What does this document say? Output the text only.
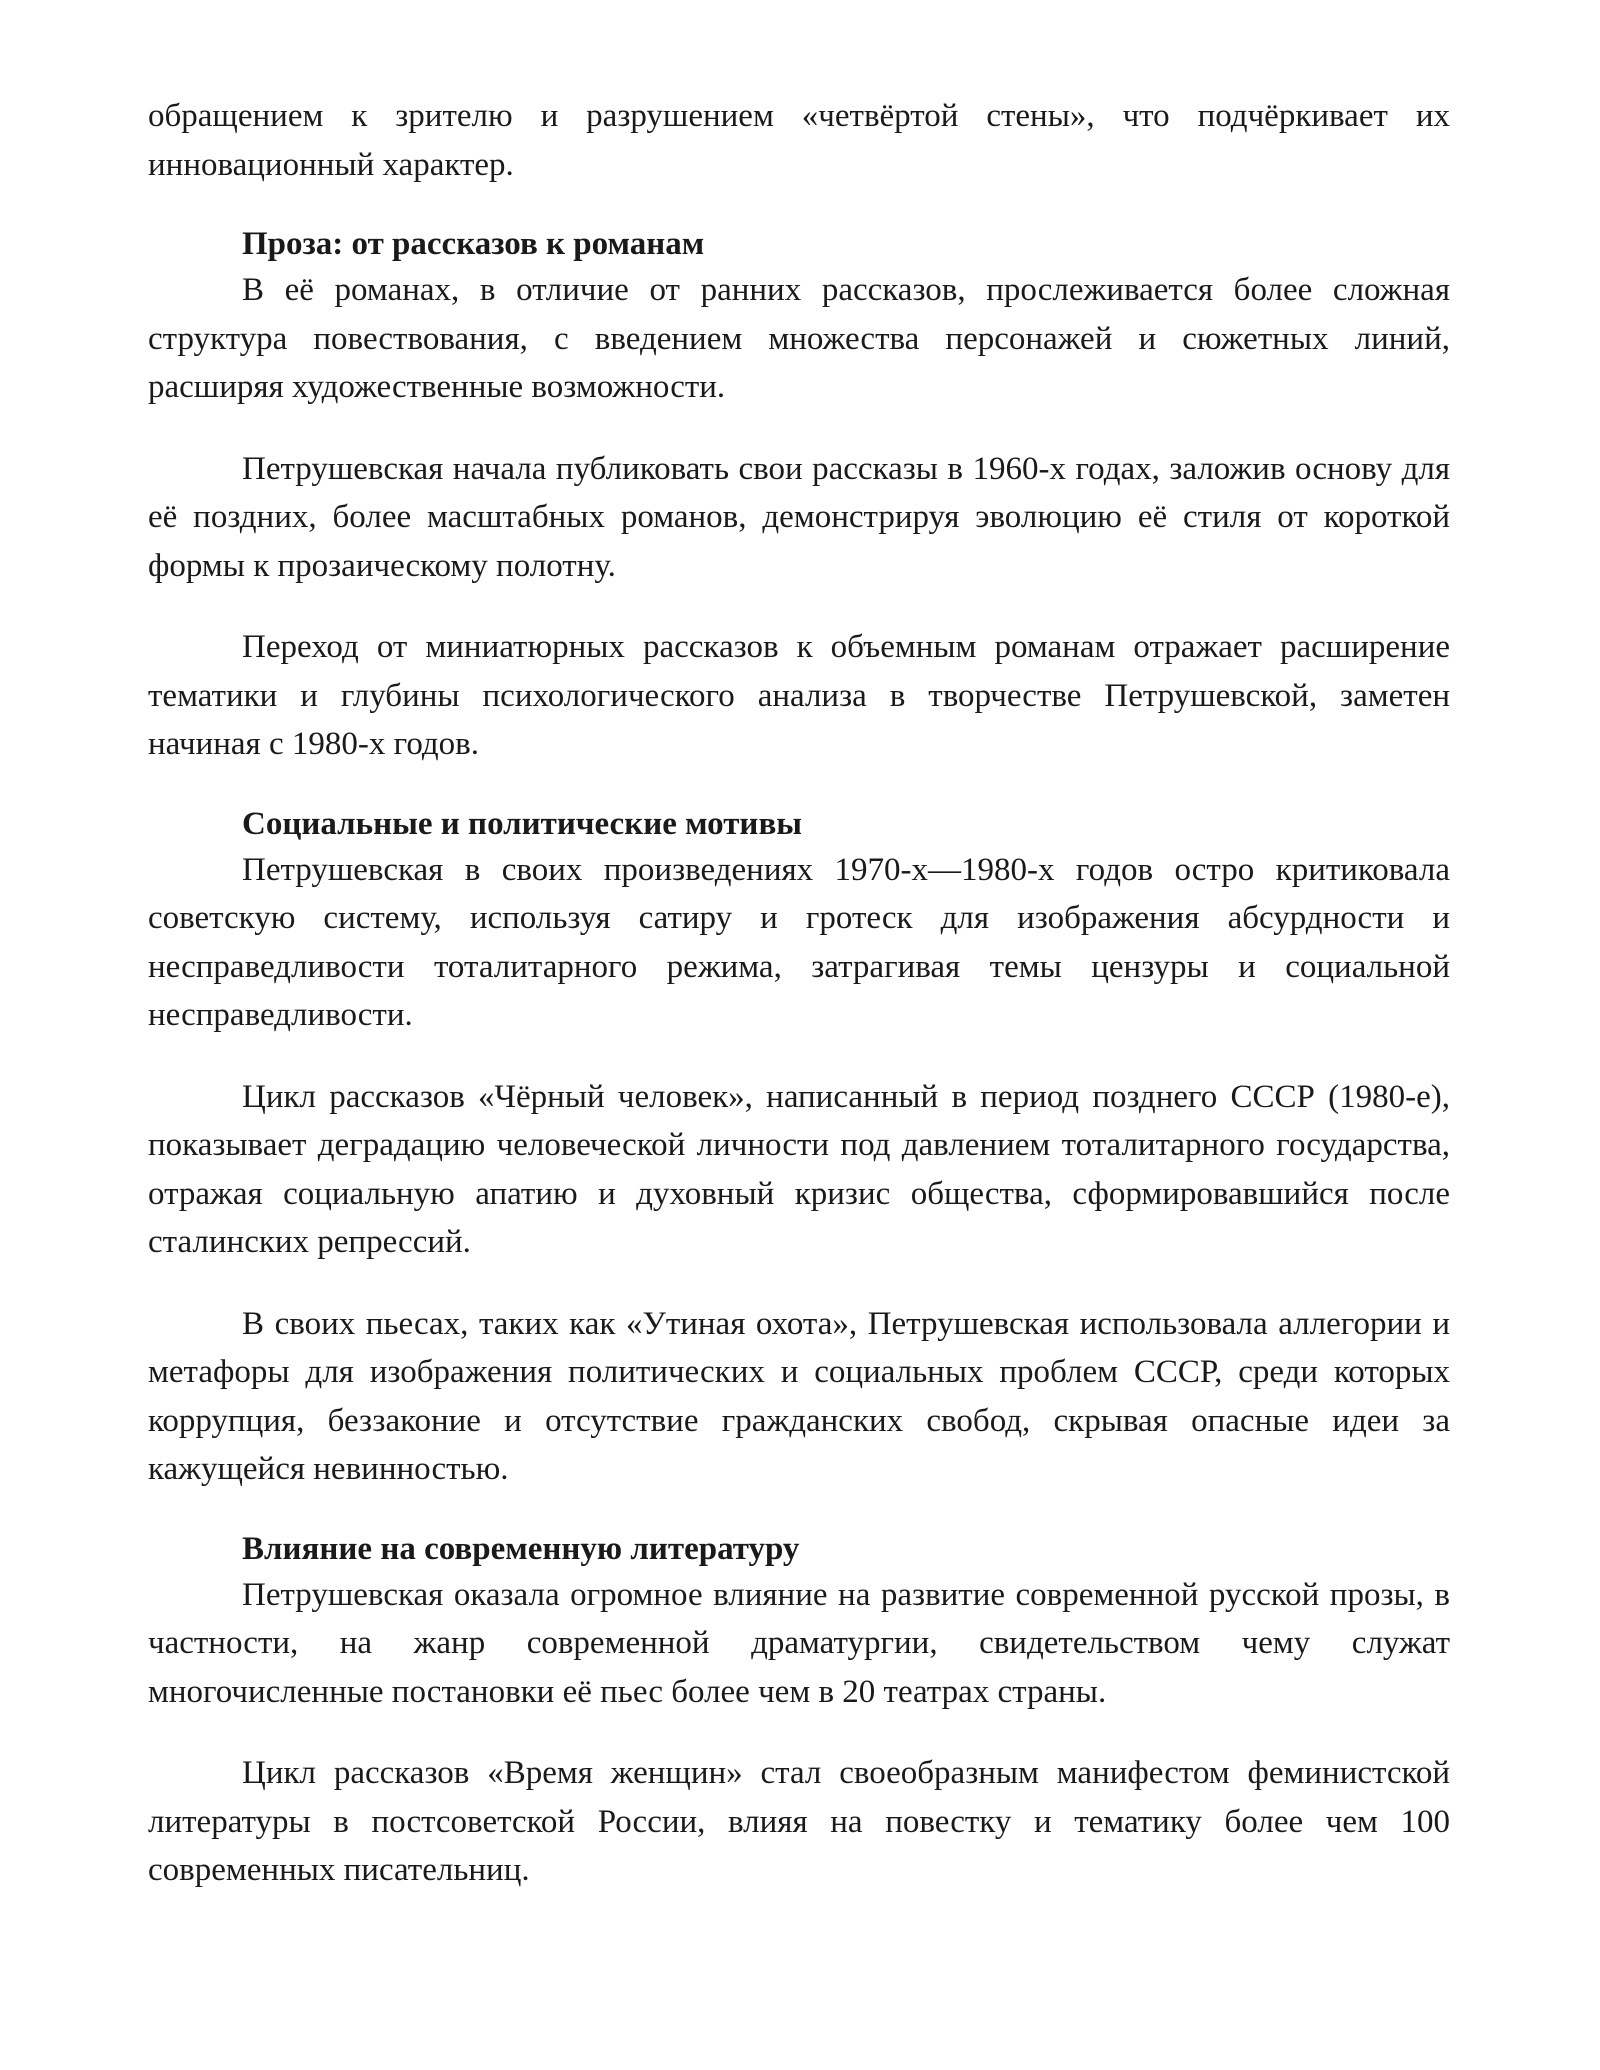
обращением к зрителю и разрушением «четвёртой стены», что подчёркивает их инновационный характер.

Проза: от рассказов к романам

В её романах, в отличие от ранних рассказов, прослеживается более сложная структура повествования, с введением множества персонажей и сюжетных линий, расширяя художественные возможности.

Петрушевская начала публиковать свои рассказы в 1960-х годах, заложив основу для её поздних, более масштабных романов, демонстрируя эволюцию её стиля от короткой формы к прозаическому полотну.

Переход от миниатюрных рассказов к объемным романам отражает расширение тематики и глубины психологического анализа в творчестве Петрушевской, заметен начиная с 1980-х годов.

Социальные и политические мотивы

Петрушевская в своих произведениях 1970-х—1980-х годов остро критиковала советскую систему, используя сатиру и гротеск для изображения абсурдности и несправедливости тоталитарного режима, затрагивая темы цензуры и социальной несправедливости.

Цикл рассказов «Чёрный человек», написанный в период позднего СССР (1980-е), показывает деградацию человеческой личности под давлением тоталитарного государства, отражая социальную апатию и духовный кризис общества, сформировавшийся после сталинских репрессий.

В своих пьесах, таких как «Утиная охота», Петрушевская использовала аллегории и метафоры для изображения политических и социальных проблем СССР, среди которых коррупция, беззаконие и отсутствие гражданских свобод, скрывая опасные идеи за кажущейся невинностью.

Влияние на современную литературу

Петрушевская оказала огромное влияние на развитие современной русской прозы, в частности, на жанр современной драматургии, свидетельством чему служат многочисленные постановки её пьес более чем в 20 театрах страны.

Цикл рассказов «Время женщин» стал своеобразным манифестом феминистской литературы в постсоветской России, влияя на повестку и тематику более чем 100 современных писательниц.
